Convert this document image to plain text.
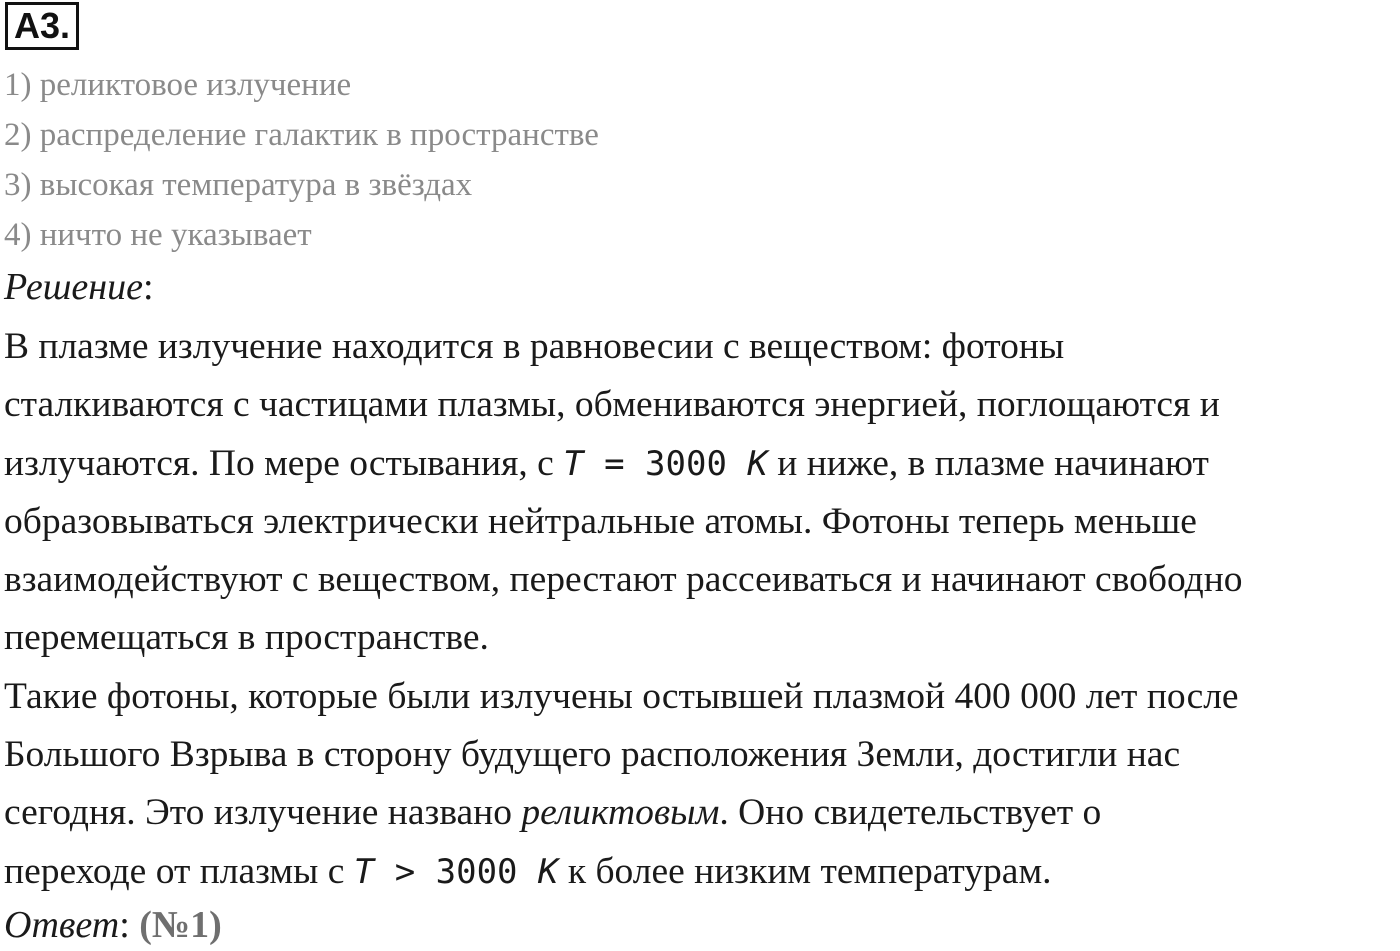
А3.
1) реликтовое излучение
2) распределение галактик в пространстве
3) высокая температура в звёздах
4) ничто не указывает
Решение:
В плазме излучение находится в равновесии с веществом: фотоны
сталкиваются с частицами плазмы, обмениваются энергией, поглощаются и
излучаются. По мере остывания, с T = 3000 K и ниже, в плазме начинают
образовываться электрически нейтральные атомы. Фотоны теперь меньше
взаимодействуют с веществом, перестают рассеиваться и начинают свободно
перемещаться в пространстве.
Такие фотоны, которые были излучены остывшей плазмой 400 000 лет после
Большого Взрыва в сторону будущего расположения Земли, достигли нас
сегодня. Это излучение названо реликтовым. Оно свидетельствует о
переходе от плазмы с T > 3000 K к более низким температурам.
Ответ: (№1)
